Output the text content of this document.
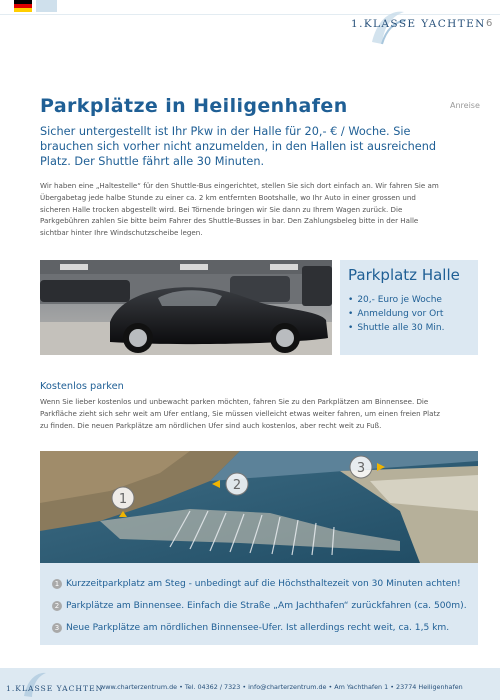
1.KLASSE YACHTEN 6
Anreise
Parkplätze in Heiligenhafen

Sicher untergestellt ist Ihr Pkw in der Halle für 20,- € / Woche. Sie brauchen sich vorher nicht anzumelden, in den Hallen ist ausreichend Platz. Der Shuttle fährt alle 30 Minuten.

Wir haben eine „Haltestelle“ für den Shuttle-Bus eingerichtet, stellen Sie sich dort einfach an. Wir fahren Sie am Übergabetag jede halbe Stunde zu einer ca. 2 km entfernten Bootshalle, wo Ihr Auto in einer grossen und sicheren Halle trocken abgestellt wird. Bei Törnende bringen wir Sie dann zu Ihrem Wagen zurück. Die Parkgebühren zahlen Sie bitte beim Fahrer des Shuttle-Busses in bar. Den Zahlungsbeleg bitte in der Halle sichtbar hinter Ihre Windschutzscheibe legen.

Parkplatz Halle
• 20,- Euro je Woche
• Anmeldung vor Ort
• Shuttle alle 30 Min.
Kostenlos parken

Wenn Sie lieber kostenlos und unbewacht parken möchten, fahren Sie zu den Parkplätzen am Binnensee. Die Parkfläche zieht sich sehr weit am Ufer entlang, Sie müssen vielleicht etwas weiter fahren, um einen freien Platz zu finden. Die neuen Parkplätze am nördlichen Ufer sind auch kostenlos, aber recht weit zu Fuß.

1
2
3
1 Kurzzeitparkplatz am Steg - unbedingt auf die Höchsthaltezeit von 30 Minuten achten!
2 Parkplätze am Binnensee. Einfach die Straße „Am Jachthafen“ zurückfahren (ca. 500m).
3 Neue Parkplätze am nördlichen Binnensee-Ufer. Ist allerdings recht weit, ca. 1,5 km.
1.KLASSE YACHTEN
www.charterzentrum.de • Tel. 04362 / 7323 • info@charterzentrum.de • Am Yachthafen 1 • 23774 Heiligenhafen
